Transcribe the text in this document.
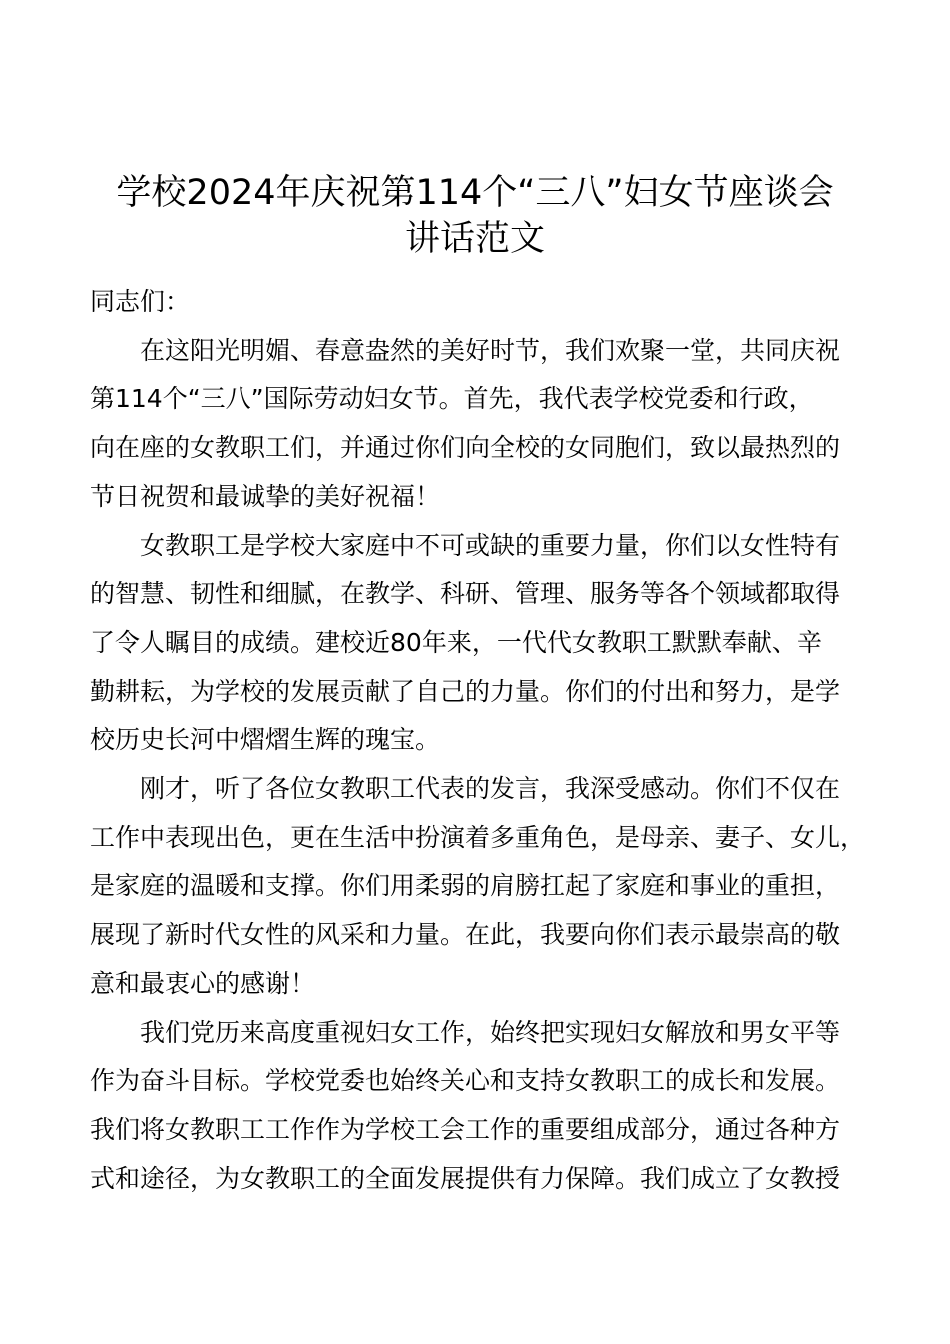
学校2024年庆祝第114个“三八”妇女节座谈会
讲话范文

同志们：

在这阳光明媚、春意盎然的美好时节，我们欢聚一堂，共同庆祝
第114个“三八”国际劳动妇女节。首先，我代表学校党委和行政，
向在座的女教职工们，并通过你们向全校的女同胞们，致以最热烈的
节日祝贺和最诚挚的美好祝福！

女教职工是学校大家庭中不可或缺的重要力量，你们以女性特有
的智慧、韧性和细腻，在教学、科研、管理、服务等各个领域都取得
了令人瞩目的成绩。建校近80年来，一代代女教职工默默奉献、辛
勤耕耘，为学校的发展贡献了自己的力量。你们的付出和努力，是学
校历史长河中熠熠生辉的瑰宝。

刚才，听了各位女教职工代表的发言，我深受感动。你们不仅在
工作中表现出色，更在生活中扮演着多重角色，是母亲、妻子、女儿，
是家庭的温暖和支撑。你们用柔弱的肩膀扛起了家庭和事业的重担，
展现了新时代女性的风采和力量。在此，我要向你们表示最崇高的敬
意和最衷心的感谢！

我们党历来高度重视妇女工作，始终把实现妇女解放和男女平等
作为奋斗目标。学校党委也始终关心和支持女教职工的成长和发展。
我们将女教职工工作作为学校工会工作的重要组成部分，通过各种方
式和途径，为女教职工的全面发展提供有力保障。我们成立了女教授
